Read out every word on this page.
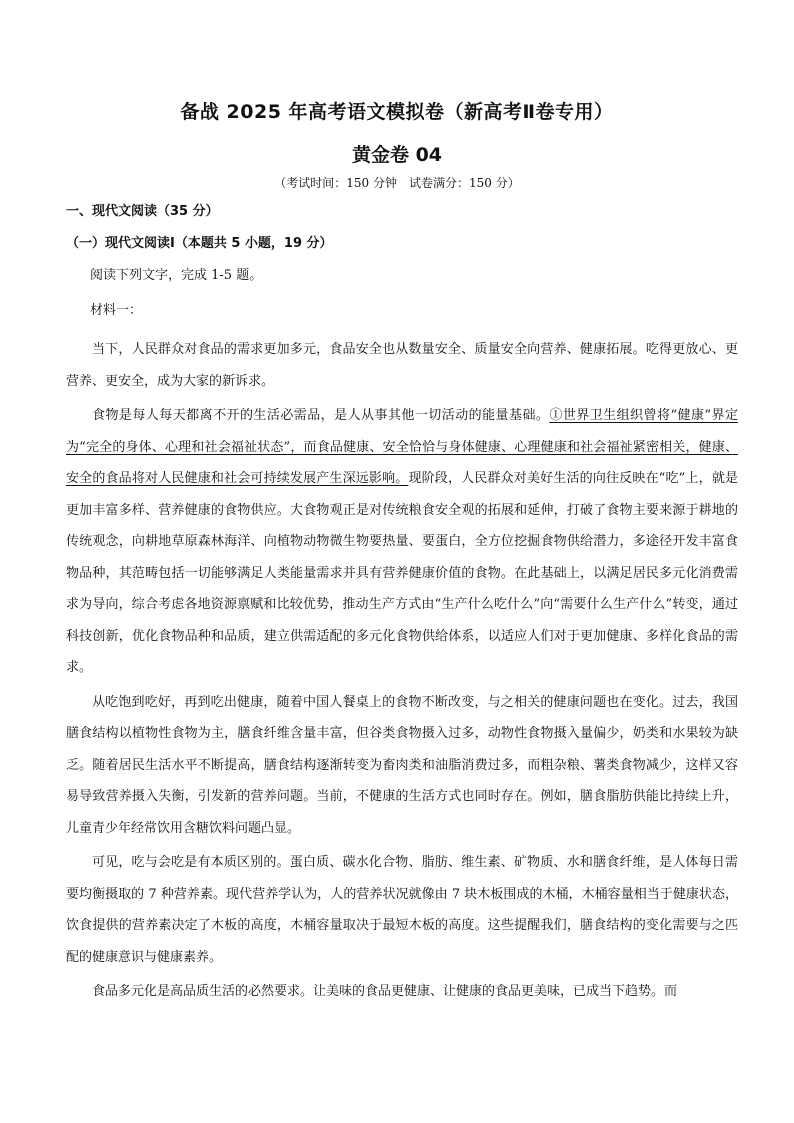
备战 2025 年高考语文模拟卷（新高考Ⅱ卷专用）
黄金卷 04
（考试时间：150 分钟　试卷满分：150 分）
一、现代文阅读（35 分）
（一）现代文阅读Ⅰ（本题共 5 小题，19 分）
阅读下列文字，完成 1-5 题。
材料一：

当下，人民群众对食品的需求更加多元，食品安全也从数量安全、质量安全向营养、健康拓展。吃得更放心、更营养、更安全，成为大家的新诉求。

食物是每人每天都离不开的生活必需品，是人从事其他一切活动的能量基础。①世界卫生组织曾将“健康”界定为“完全的身体、心理和社会福祉状态”，而食品健康、安全恰恰与身体健康、心理健康和社会福祉紧密相关，健康、安全的食品将对人民健康和社会可持续发展产生深远影响。现阶段，人民群众对美好生活的向往反映在“吃”上，就是更加丰富多样、营养健康的食物供应。大食物观正是对传统粮食安全观的拓展和延伸，打破了食物主要来源于耕地的传统观念，向耕地草原森林海洋、向植物动物微生物要热量、要蛋白，全方位挖掘食物供给潜力，多途径开发丰富食物品种，其范畴包括一切能够满足人类能量需求并具有营养健康价值的食物。在此基础上，以满足居民多元化消费需求为导向，综合考虑各地资源禀赋和比较优势，推动生产方式由“生产什么吃什么”向“需要什么生产什么”转变，通过科技创新，优化食物品种和品质，建立供需适配的多元化食物供给体系，以适应人们对于更加健康、多样化食品的需求。

从吃饱到吃好，再到吃出健康，随着中国人餐桌上的食物不断改变，与之相关的健康问题也在变化。过去，我国膳食结构以植物性食物为主，膳食纤维含量丰富，但谷类食物摄入过多，动物性食物摄入量偏少，奶类和水果较为缺乏。随着居民生活水平不断提高，膳食结构逐渐转变为畜肉类和油脂消费过多，而粗杂粮、薯类食物减少，这样又容易导致营养摄入失衡，引发新的营养问题。当前，不健康的生活方式也同时存在。例如，膳食脂肪供能比持续上升，儿童青少年经常饮用含糖饮料问题凸显。

可见，吃与会吃是有本质区别的。蛋白质、碳水化合物、脂肪、维生素、矿物质、水和膳食纤维，是人体每日需要均衡摄取的 7 种营养素。现代营养学认为，人的营养状况就像由 7 块木板围成的木桶，木桶容量相当于健康状态，饮食提供的营养素决定了木板的高度，木桶容量取决于最短木板的高度。这些提醒我们，膳食结构的变化需要与之匹配的健康意识与健康素养。

食品多元化是高品质生活的必然要求。让美味的食品更健康、让健康的食品更美味，已成当下趋势。而
